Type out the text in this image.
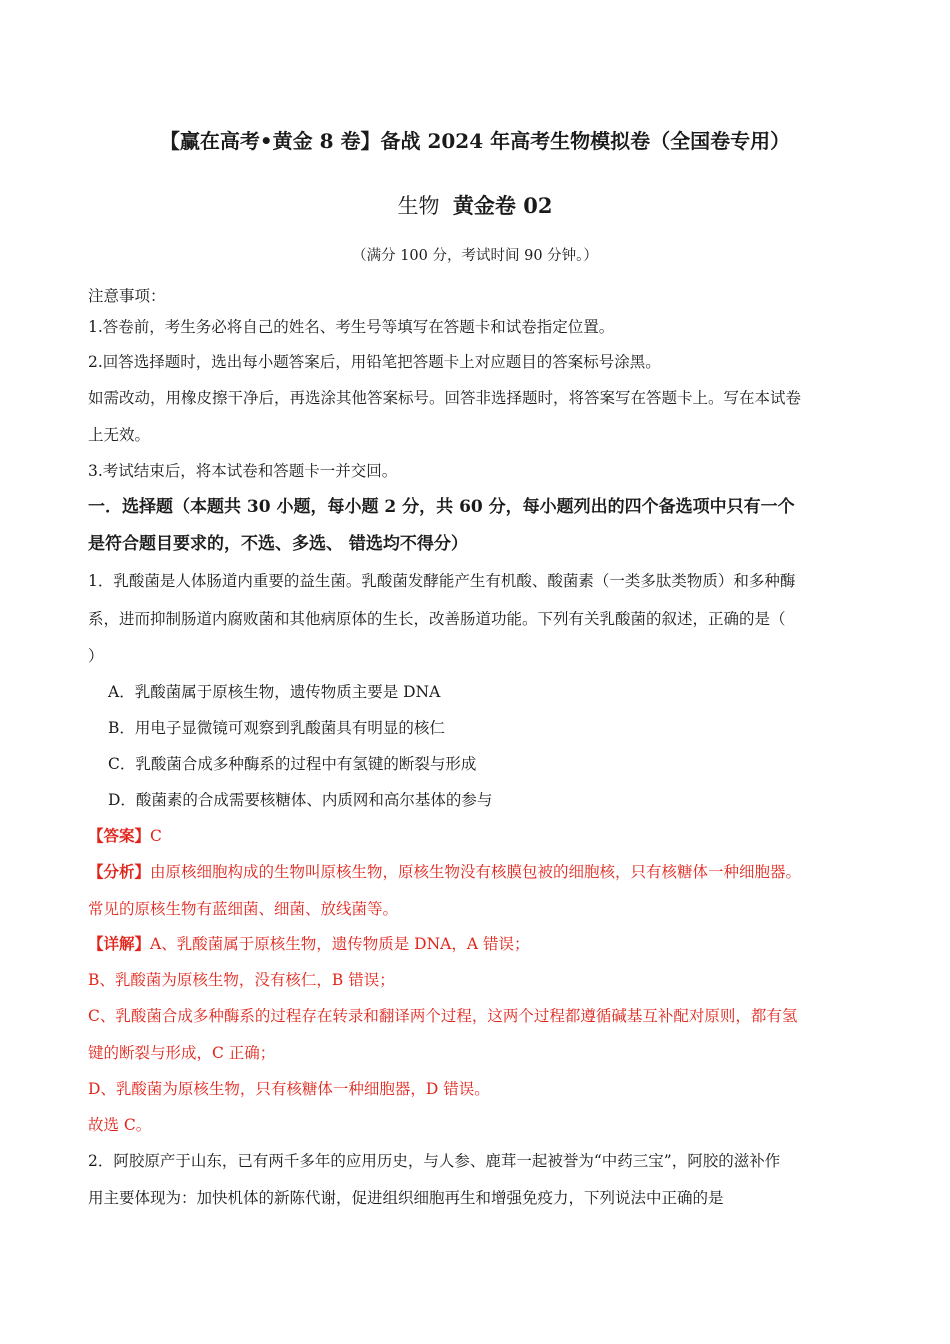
【赢在高考•黄金 8 卷】备战 2024 年高考生物模拟卷（全国卷专用）
生物 黄金卷 02
（满分 100 分，考试时间 90 分钟。）
注意事项：
1.答卷前，考生务必将自己的姓名、考生号等填写在答题卡和试卷指定位置。
2.回答选择题时，选出每小题答案后，用铅笔把答题卡上对应题目的答案标号涂黑。
如需改动，用橡皮擦干净后，再选涂其他答案标号。回答非选择题时，将答案写在答题卡上。写在本试卷
上无效。
3.考试结束后，将本试卷和答题卡一并交回。
一．选择题（本题共 30 小题，每小题 2 分，共 60 分，每小题列出的四个备选项中只有一个
是符合题目要求的，不选、多选、 错选均不得分）
1．乳酸菌是人体肠道内重要的益生菌。乳酸菌发酵能产生有机酸、酸菌素（一类多肽类物质）和多种酶
系，进而抑制肠道内腐败菌和其他病原体的生长，改善肠道功能。下列有关乳酸菌的叙述，正确的是（
）
A．乳酸菌属于原核生物，遗传物质主要是 DNA
B．用电子显微镜可观察到乳酸菌具有明显的核仁
C．乳酸菌合成多种酶系的过程中有氢键的断裂与形成
D．酸菌素的合成需要核糖体、内质网和高尔基体的参与
【答案】C
【分析】由原核细胞构成的生物叫原核生物，原核生物没有核膜包被的细胞核，只有核糖体一种细胞器。
常见的原核生物有蓝细菌、细菌、放线菌等。
【详解】A、乳酸菌属于原核生物，遗传物质是 DNA，A 错误；
B、乳酸菌为原核生物，没有核仁，B 错误；
C、乳酸菌合成多种酶系的过程存在转录和翻译两个过程，这两个过程都遵循碱基互补配对原则，都有氢
键的断裂与形成，C 正确；
D、乳酸菌为原核生物，只有核糖体一种细胞器，D 错误。
故选 C。
2．阿胶原产于山东，已有两千多年的应用历史，与人参、鹿茸一起被誉为“中药三宝”，阿胶的滋补作
用主要体现为：加快机体的新陈代谢，促进组织细胞再生和增强免疫力，下列说法中正确的是
